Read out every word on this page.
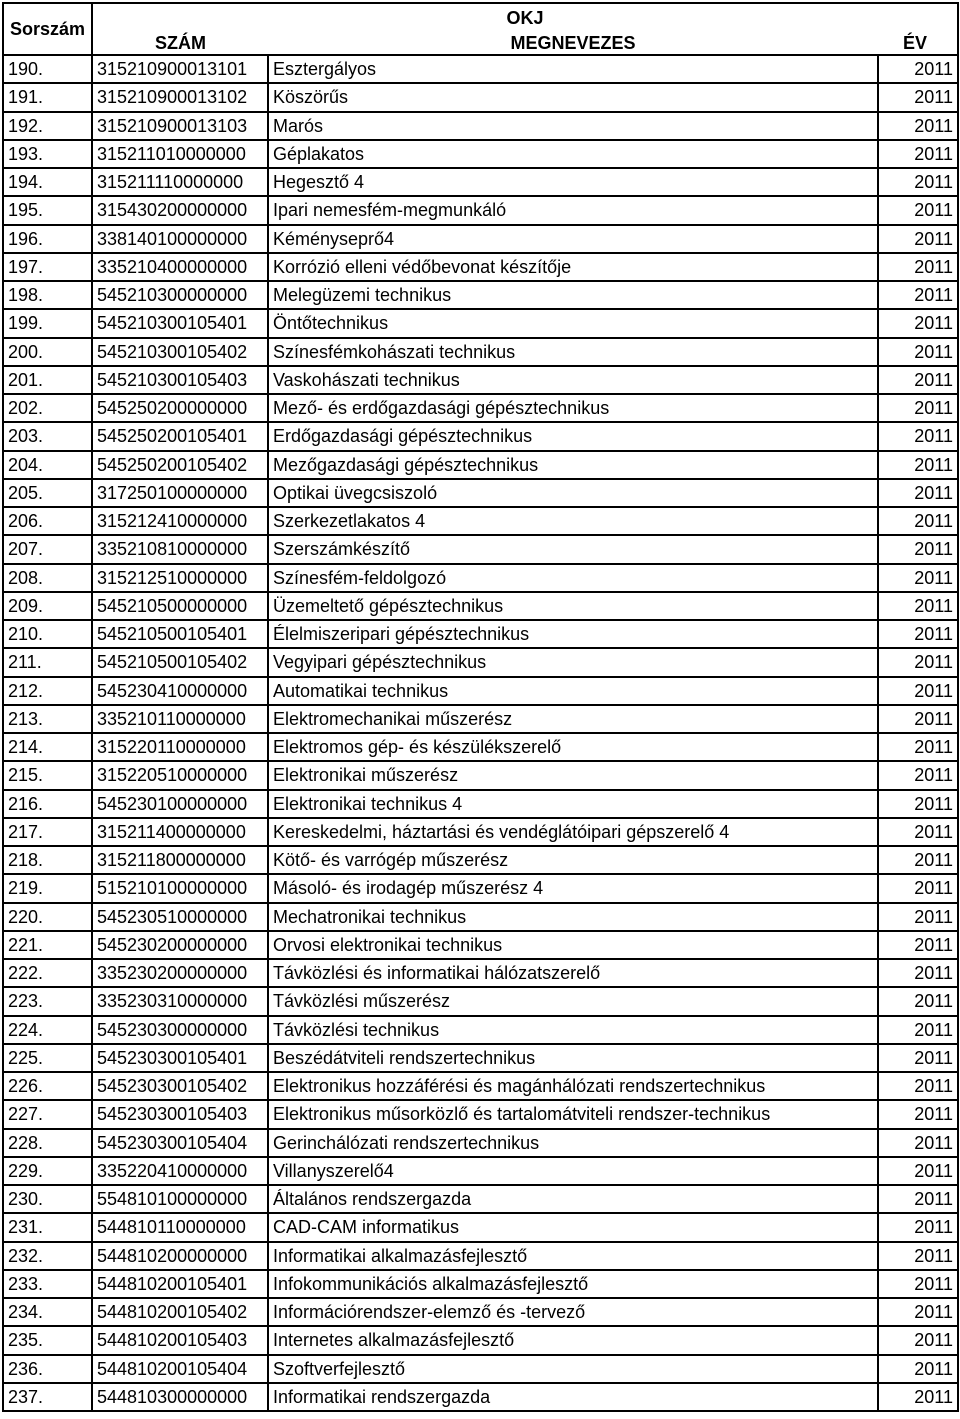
Sorszám	OKJ		
	SZÁM	MEGNEVEZES	ÉV
190.	315210900013101	Esztergályos	2011
191.	315210900013102	Köszörűs	2011
192.	315210900013103	Marós	2011
193.	315211010000000	Géplakatos	2011
194.	315211110000000	Hegesztő 4	2011
195.	315430200000000	Ipari nemesfém-megmunkáló	2011
196.	338140100000000	Kéményseprő4	2011
197.	335210400000000	Korrózió elleni védőbevonat készítője	2011
198.	545210300000000	Melegüzemi technikus	2011
199.	545210300105401	Öntőtechnikus	2011
200.	545210300105402	Színesfémkohászati technikus	2011
201.	545210300105403	Vaskohászati technikus	2011
202.	545250200000000	Mező- és erdőgazdasági gépésztechnikus	2011
203.	545250200105401	Erdőgazdasági gépésztechnikus	2011
204.	545250200105402	Mezőgazdasági gépésztechnikus	2011
205.	317250100000000	Optikai üvegcsiszoló	2011
206.	315212410000000	Szerkezetlakatos 4	2011
207.	335210810000000	Szerszámkészítő	2011
208.	315212510000000	Színesfém-feldolgozó	2011
209.	545210500000000	Üzemeltető gépésztechnikus	2011
210.	545210500105401	Élelmiszeripari gépésztechnikus	2011
211.	545210500105402	Vegyipari gépésztechnikus	2011
212.	545230410000000	Automatikai technikus	2011
213.	335210110000000	Elektromechanikai műszerész	2011
214.	315220110000000	Elektromos gép- és készülékszerelő	2011
215.	315220510000000	Elektronikai műszerész	2011
216.	545230100000000	Elektronikai technikus 4	2011
217.	315211400000000	Kereskedelmi, háztartási és vendéglátóipari gépszerelő 4	2011
218.	315211800000000	Kötő- és varrógép műszerész	2011
219.	515210100000000	Másoló- és irodagép műszerész 4	2011
220.	545230510000000	Mechatronikai technikus	2011
221.	545230200000000	Orvosi elektronikai technikus	2011
222.	335230200000000	Távközlési és informatikai hálózatszerelő	2011
223.	335230310000000	Távközlési műszerész	2011
224.	545230300000000	Távközlési technikus	2011
225.	545230300105401	Beszédátviteli rendszertechnikus	2011
226.	545230300105402	Elektronikus hozzáférési és magánhálózati rendszertechnikus	2011
227.	545230300105403	Elektronikus műsorközlő és tartalomátviteli rendszer-technikus	2011
228.	545230300105404	Gerinchálózati rendszertechnikus	2011
229.	335220410000000	Villanyszerelő4	2011
230.	554810100000000	Általános rendszergazda	2011
231.	544810110000000	CAD-CAM informatikus	2011
232.	544810200000000	Informatikai alkalmazásfejlesztő	2011
233.	544810200105401	Infokommunikációs alkalmazásfejlesztő	2011
234.	544810200105402	Információrendszer-elemző és -tervező	2011
235.	544810200105403	Internetes alkalmazásfejlesztő	2011
236.	544810200105404	Szoftverfejlesztő	2011
237.	544810300000000	Informatikai rendszergazda	2011
